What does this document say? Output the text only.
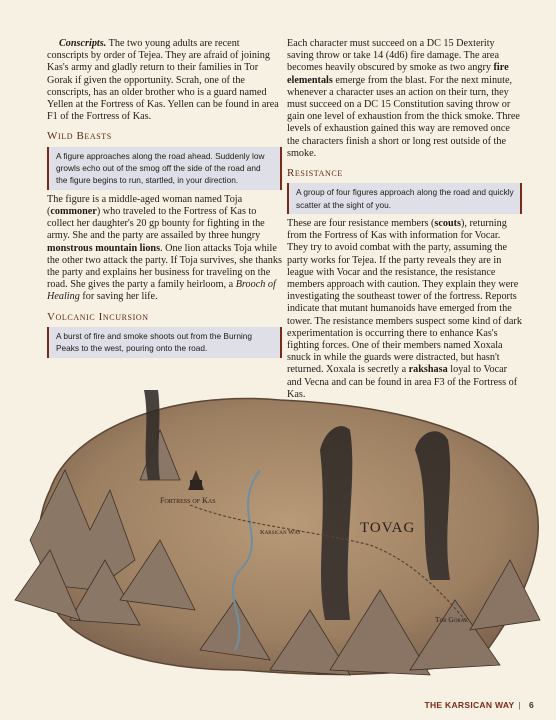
Conscripts. The two young adults are recent conscripts by order of Tejea. They are afraid of joining Kas's army and gladly return to their families in Tor Gorak if given the opportunity. Scrah, one of the conscripts, has an older brother who is a guard named Yellen at the Fortress of Kas. Yellen can be found in area F1 of the Fortress of Kas.

Wild Beasts
A figure approaches along the road ahead. Suddenly low growls echo out of the smog off the side of the road and the figure begins to run, startled, in your direction.

The figure is a middle-aged woman named Toja (commoner) who traveled to the Fortress of Kas to collect her daughter's 20 gp bounty for fighting in the army. She and the party are assailed by three hungry monstrous mountain lions. One lion attacks Toja while the other two attack the party. If Toja survives, she thanks the party and explains her business for traveling on the road. She gives the party a family heirloom, a Brooch of Healing for saving her life.

Volcanic Incursion
A burst of fire and smoke shoots out from the Burning Peaks to the west, pouring onto the road.

Each character must succeed on a DC 15 Dexterity saving throw or take 14 (4d6) fire damage. The area becomes heavily obscured by smoke as two angry fire elementals emerge from the blast. For the next minute, whenever a character uses an action on their turn, they must succeed on a DC 15 Constitution saving throw or gain one level of exhaustion from the thick smoke. Three levels of exhaustion gained this way are removed once the characters finish a short or long rest outside of the smoke.

Resistance
A group of four figures approach along the road and quickly scatter at the sight of you.

These are four resistance members (scouts), returning from the Fortress of Kas with information for Vocar. They try to avoid combat with the party, assuming the party works for Tejea. If the party reveals they are in league with Vocar and the resistance, the resistance members approach with caution. They explain they were investigating the southeast tower of the fortress. Reports indicate that mutant humanoids have emerged from the tower. The resistance members suspect some kind of dark experimentation is occurring there to enhance Kas's fighting forces. One of their members named Xoxala snuck in while the guards were distracted, but hasn't returned. Xoxala is secretly a rakshasa loyal to Vocar and Vecna and can be found in area F3 of the Fortress of Kas.

Fortress of Kas
TOVAG
Karsican Way
Tor Gorak
THE KARSICAN WAY | 6
